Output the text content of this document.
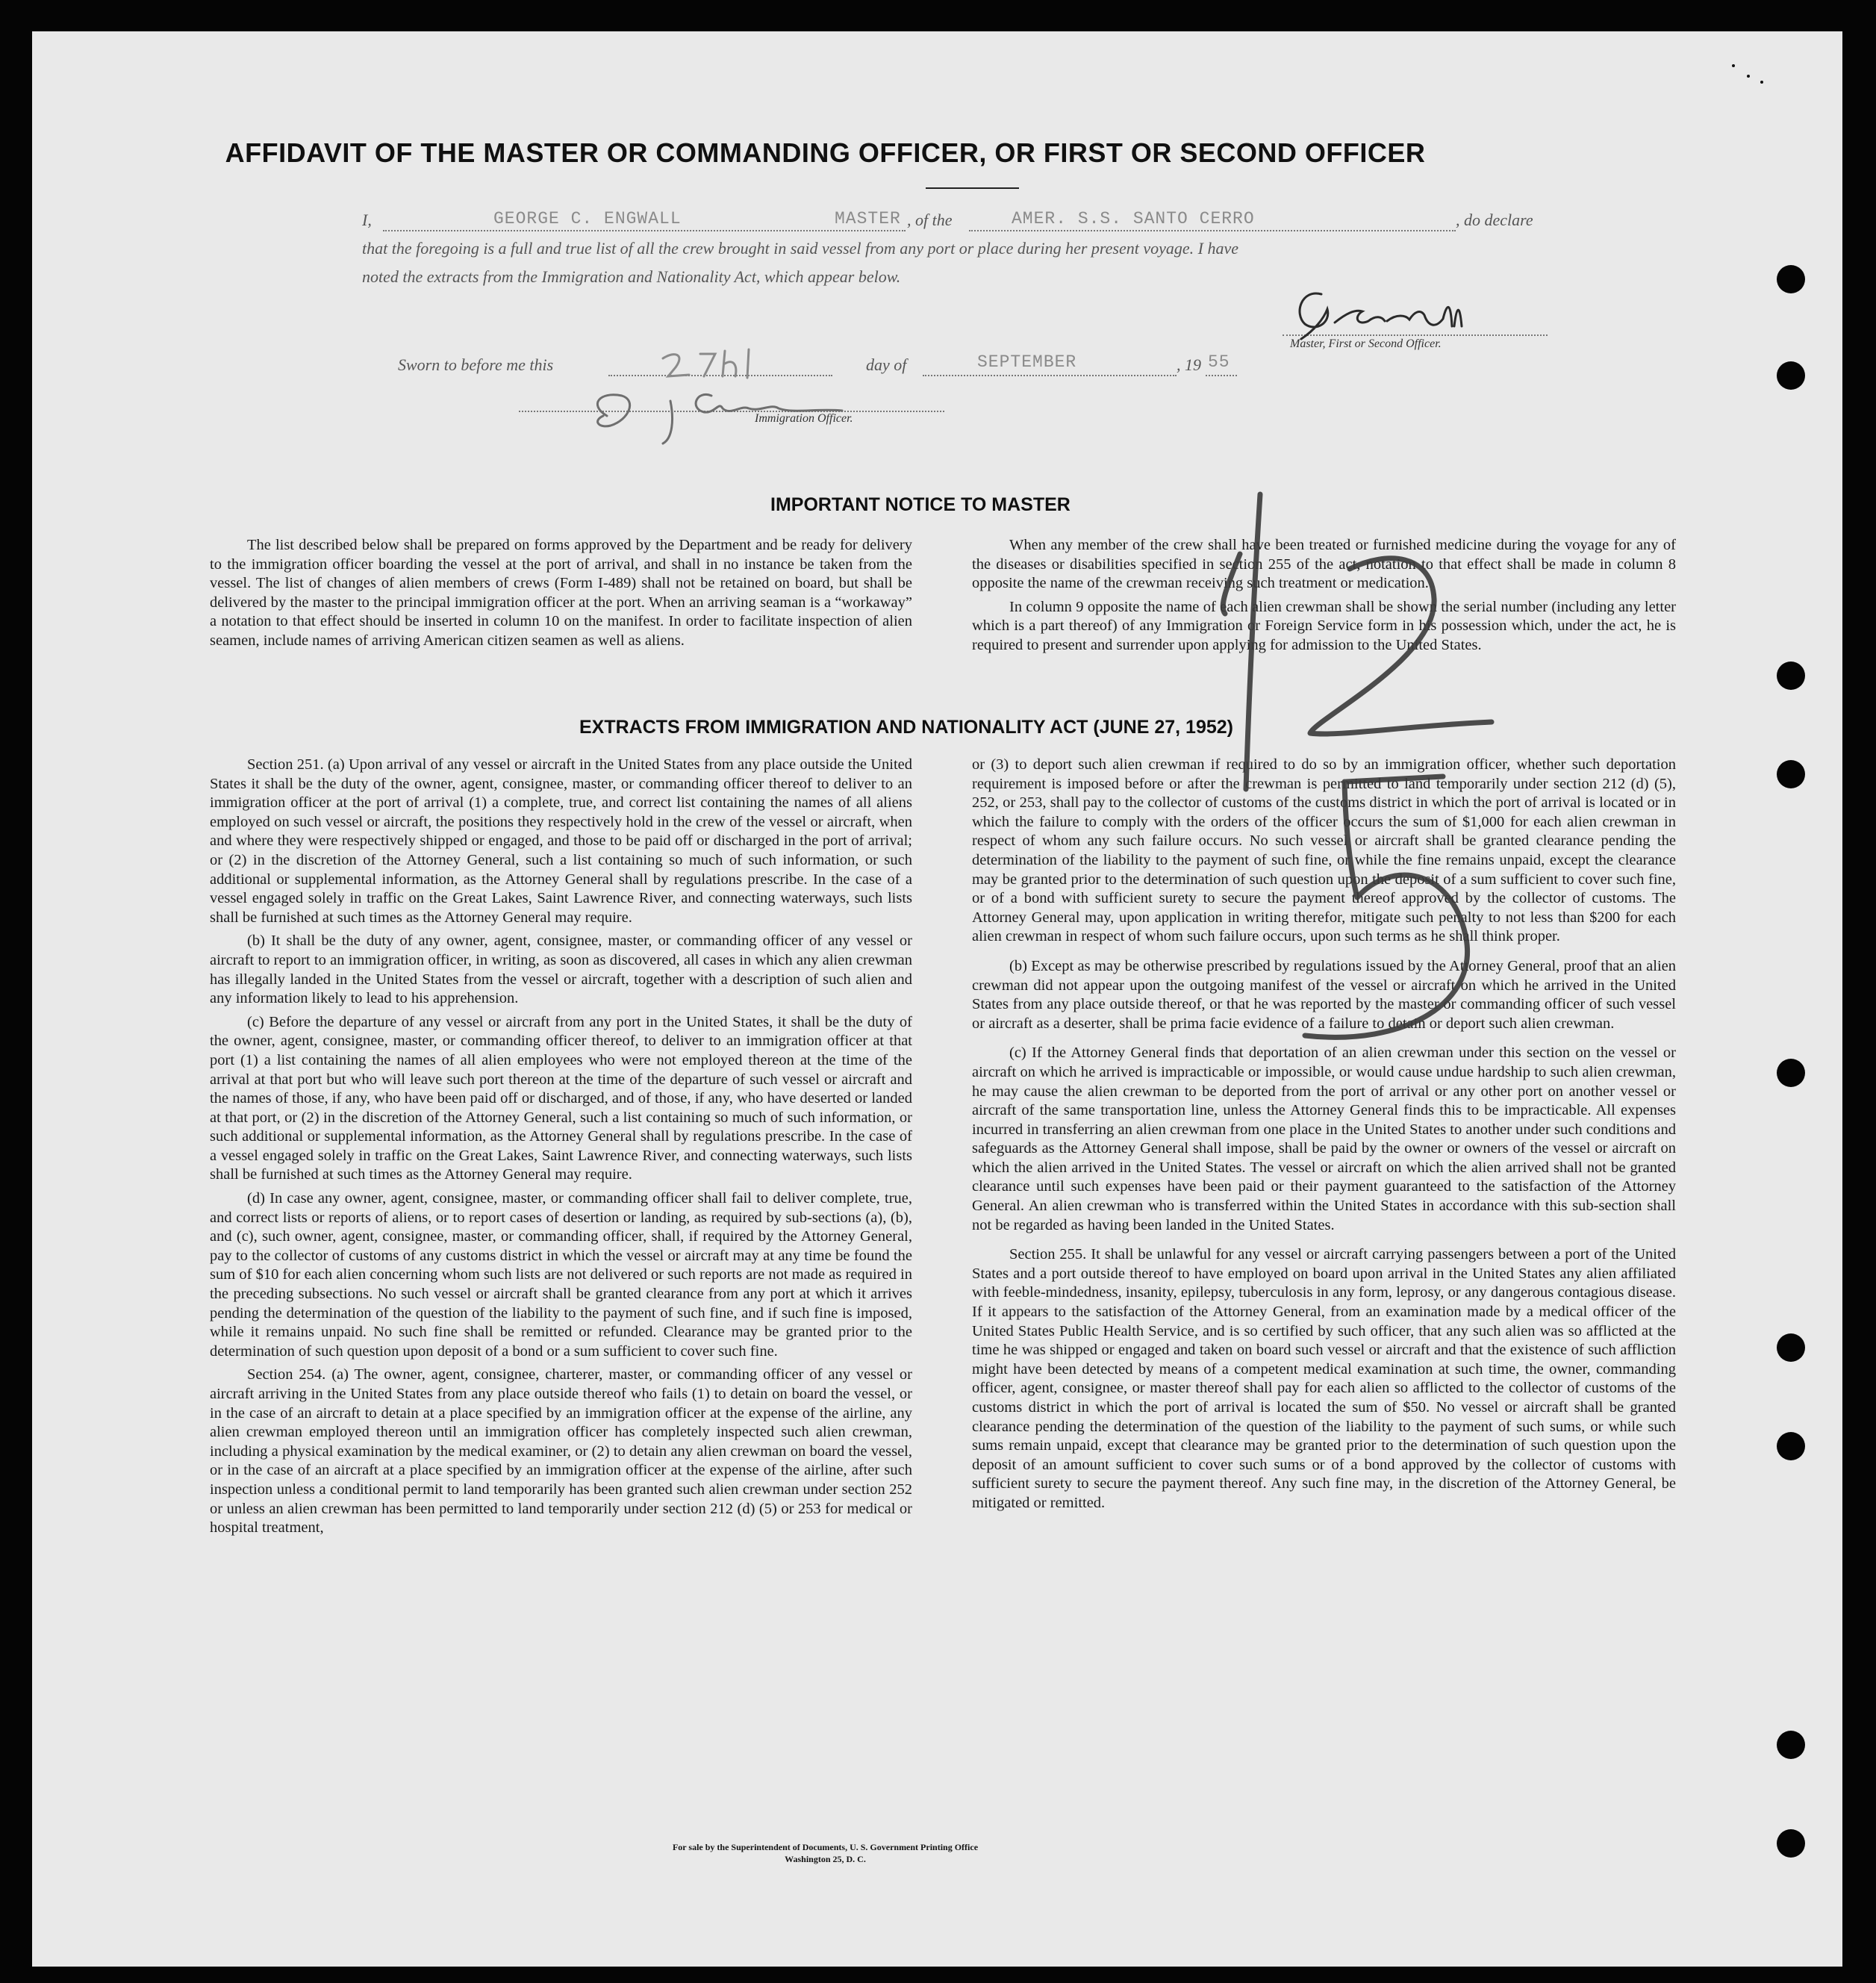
AFFIDAVIT OF THE MASTER OR COMMANDING OFFICER, OR FIRST OR SECOND OFFICER
I,	GEORGE C. ENGWALL	MASTER , of the	AMER. S.S. SANTO CERRO	, do declare
that the foregoing is a full and true list of all the crew brought in said vessel from any port or place during her present voyage. I have
noted the extracts from the Immigration and Nationality Act, which appear below.
Master, First or Second Officer.
Sworn to before me this	day of	SEPTEMBER	, 19 55
Immigration Officer.
IMPORTANT NOTICE TO MASTER

The list described below shall be prepared on forms approved by the Department and be ready for delivery to the immigration officer boarding the vessel at the port of arrival, and shall in no instance be taken from the vessel. The list of changes of alien members of crews (Form I-489) shall not be retained on board, but shall be delivered by the master to the principal immigration officer at the port. When an arriving seaman is a “workaway” a notation to that effect should be inserted in column 10 on the manifest. In order to facilitate inspection of alien seamen, include names of arriving American citizen seamen as well as aliens.

When any member of the crew shall have been treated or furnished medicine during the voyage for any of the diseases or disabilities specified in section 255 of the act, notation to that effect shall be made in column 8 opposite the name of the crewman receiving such treatment or medication.

In column 9 opposite the name of each alien crewman shall be shown the serial number (including any letter which is a part thereof) of any Immigration or Foreign Service form in his possession which, under the act, he is required to present and surrender upon applying for admission to the United States.

EXTRACTS FROM IMMIGRATION AND NATIONALITY ACT (JUNE 27, 1952)

Section 251. (a) Upon arrival of any vessel or aircraft in the United States from any place outside the United States it shall be the duty of the owner, agent, consignee, master, or commanding officer thereof to deliver to an immigration officer at the port of arrival (1) a complete, true, and correct list containing the names of all aliens employed on such vessel or aircraft, the positions they respectively hold in the crew of the vessel or aircraft, when and where they were respectively shipped or engaged, and those to be paid off or discharged in the port of arrival; or (2) in the discretion of the Attorney General, such a list containing so much of such information, or such additional or supplemental information, as the Attorney General shall by regulations prescribe. In the case of a vessel engaged solely in traffic on the Great Lakes, Saint Lawrence River, and connecting waterways, such lists shall be furnished at such times as the Attorney General may require.

(b) It shall be the duty of any owner, agent, consignee, master, or commanding officer of any vessel or aircraft to report to an immigration officer, in writing, as soon as discovered, all cases in which any alien crewman has illegally landed in the United States from the vessel or aircraft, together with a description of such alien and any information likely to lead to his apprehension.

(c) Before the departure of any vessel or aircraft from any port in the United States, it shall be the duty of the owner, agent, consignee, master, or commanding officer thereof, to deliver to an immigration officer at that port (1) a list containing the names of all alien employees who were not employed thereon at the time of the arrival at that port but who will leave such port thereon at the time of the departure of such vessel or aircraft and the names of those, if any, who have been paid off or discharged, and of those, if any, who have deserted or landed at that port, or (2) in the discretion of the Attorney General, such a list containing so much of such information, or such additional or supplemental information, as the Attorney General shall by regulations prescribe. In the case of a vessel engaged solely in traffic on the Great Lakes, Saint Lawrence River, and connecting waterways, such lists shall be furnished at such times as the Attorney General may require.

(d) In case any owner, agent, consignee, master, or commanding officer shall fail to deliver complete, true, and correct lists or reports of aliens, or to report cases of desertion or landing, as required by sub-sections (a), (b), and (c), such owner, agent, consignee, master, or commanding officer, shall, if required by the Attorney General, pay to the collector of customs of any customs district in which the vessel or aircraft may at any time be found the sum of $10 for each alien concerning whom such lists are not delivered or such reports are not made as required in the preceding subsections. No such vessel or aircraft shall be granted clearance from any port at which it arrives pending the determination of the question of the liability to the payment of such fine, and if such fine is imposed, while it remains unpaid. No such fine shall be remitted or refunded. Clearance may be granted prior to the determination of such question upon deposit of a bond or a sum sufficient to cover such fine.

Section 254. (a) The owner, agent, consignee, charterer, master, or commanding officer of any vessel or aircraft arriving in the United States from any place outside thereof who fails (1) to detain on board the vessel, or in the case of an aircraft to detain at a place specified by an immigration officer at the expense of the airline, any alien crewman employed thereon until an immigration officer has completely inspected such alien crewman, including a physical examination by the medical examiner, or (2) to detain any alien crewman on board the vessel, or in the case of an aircraft at a place specified by an immigration officer at the expense of the airline, after such inspection unless a conditional permit to land temporarily has been granted such alien crewman under section 252 or unless an alien crewman has been permitted to land temporarily under section 212 (d) (5) or 253 for medical or hospital treatment,

or (3) to deport such alien crewman if required to do so by an immigration officer, whether such deportation requirement is imposed before or after the crewman is permitted to land temporarily under section 212 (d) (5), 252, or 253, shall pay to the collector of customs of the customs district in which the port of arrival is located or in which the failure to comply with the orders of the officer occurs the sum of $1,000 for each alien crewman in respect of whom any such failure occurs. No such vessel or aircraft shall be granted clearance pending the determination of the liability to the payment of such fine, or while the fine remains unpaid, except the clearance may be granted prior to the determination of such question upon the deposit of a sum sufficient to cover such fine, or of a bond with sufficient surety to secure the payment thereof approved by the collector of customs. The Attorney General may, upon application in writing therefor, mitigate such penalty to not less than $200 for each alien crewman in respect of whom such failure occurs, upon such terms as he shall think proper.

(b) Except as may be otherwise prescribed by regulations issued by the Attorney General, proof that an alien crewman did not appear upon the outgoing manifest of the vessel or aircraft on which he arrived in the United States from any place outside thereof, or that he was reported by the master or commanding officer of such vessel or aircraft as a deserter, shall be prima facie evidence of a failure to detain or deport such alien crewman.

(c) If the Attorney General finds that deportation of an alien crewman under this section on the vessel or aircraft on which he arrived is impracticable or impossible, or would cause undue hardship to such alien crewman, he may cause the alien crewman to be deported from the port of arrival or any other port on another vessel or aircraft of the same transportation line, unless the Attorney General finds this to be impracticable. All expenses incurred in transferring an alien crewman from one place in the United States to another under such conditions and safeguards as the Attorney General shall impose, shall be paid by the owner or owners of the vessel or aircraft on which the alien arrived in the United States. The vessel or aircraft on which the alien arrived shall not be granted clearance until such expenses have been paid or their payment guaranteed to the satisfaction of the Attorney General. An alien crewman who is transferred within the United States in accordance with this sub-section shall not be regarded as having been landed in the United States.

Section 255. It shall be unlawful for any vessel or aircraft carrying passengers between a port of the United States and a port outside thereof to have employed on board upon arrival in the United States any alien affiliated with feeble-mindedness, insanity, epilepsy, tuberculosis in any form, leprosy, or any dangerous contagious disease. If it appears to the satisfaction of the Attorney General, from an examination made by a medical officer of the United States Public Health Service, and is so certified by such officer, that any such alien was so afflicted at the time he was shipped or engaged and taken on board such vessel or aircraft and that the existence of such affliction might have been detected by means of a competent medical examination at such time, the owner, commanding officer, agent, consignee, or master thereof shall pay for each alien so afflicted to the collector of customs of the customs district in which the port of arrival is located the sum of $50. No vessel or aircraft shall be granted clearance pending the determination of the question of the liability to the payment of such sums, or while such sums remain unpaid, except that clearance may be granted prior to the determination of such question upon the deposit of an amount sufficient to cover such sums or of a bond approved by the collector of customs with sufficient surety to secure the payment thereof. Any such fine may, in the discretion of the Attorney General, be mitigated or remitted.

For sale by the Superintendent of Documents, U. S. Government Printing Office
Washington 25, D. C.
